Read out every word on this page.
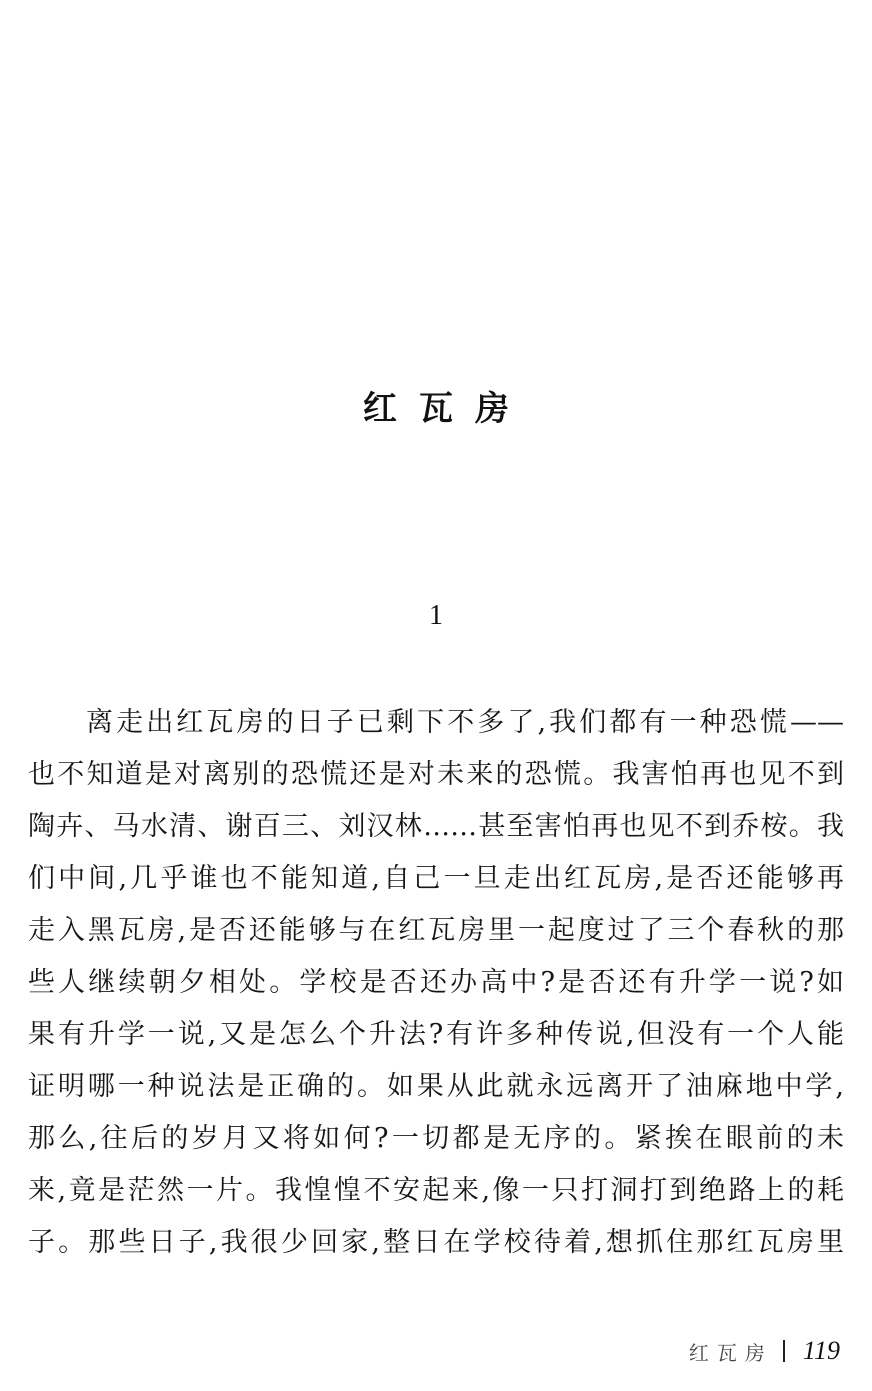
红瓦房
1
离走出红瓦房的日子已剩下不多了,我们都有一种恐慌——
也不知道是对离别的恐慌还是对未来的恐慌。我害怕再也见不到
陶卉、马水清、谢百三、刘汉林……甚至害怕再也见不到乔桉。我
们中间,几乎谁也不能知道,自己一旦走出红瓦房,是否还能够再
走入黑瓦房,是否还能够与在红瓦房里一起度过了三个春秋的那
些人继续朝夕相处。学校是否还办高中?是否还有升学一说?如
果有升学一说,又是怎么个升法?有许多种传说,但没有一个人能
证明哪一种说法是正确的。如果从此就永远离开了油麻地中学,
那么,往后的岁月又将如何?一切都是无序的。紧挨在眼前的未
来,竟是茫然一片。我惶惶不安起来,像一只打洞打到绝路上的耗
子。那些日子,我很少回家,整日在学校待着,想抓住那红瓦房里
红瓦房 119
